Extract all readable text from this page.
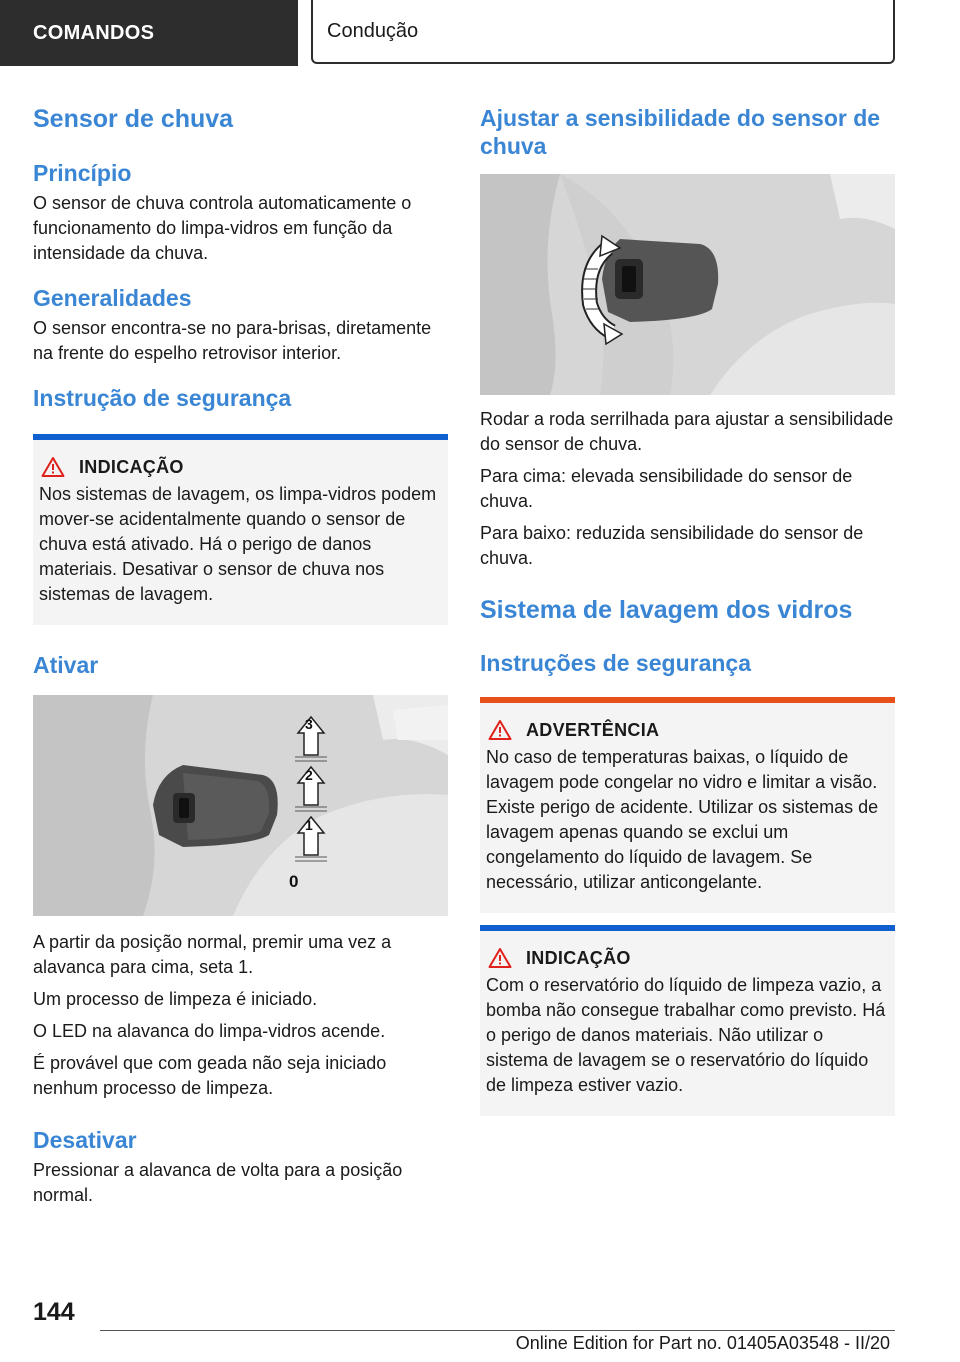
COMANDOS	Condução
Sensor de chuva
Princípio

O sensor de chuva controla automaticamente o funcionamento do limpa-vidros em função da intensidade da chuva.

Generalidades

O sensor encontra-se no para-brisas, diretamente na frente do espelho retrovisor interior.

Instrução de segurança
INDICAÇÃO

Nos sistemas de lavagem, os limpa-vidros podem mover-se acidentalmente quando o sensor de chuva está ativado. Há o perigo de danos materiais. Desativar o sensor de chuva nos sistemas de lavagem.

Ativar
3
2
1
0

A partir da posição normal, premir uma vez a alavanca para cima, seta 1.

Um processo de limpeza é iniciado.

O LED na alavanca do limpa-vidros acende.

É provável que com geada não seja iniciado nenhum processo de limpeza.

Desativar

Pressionar a alavanca de volta para a posição normal.

Ajustar a sensibilidade do sensor de chuva

Rodar a roda serrilhada para ajustar a sensibilidade do sensor de chuva.

Para cima: elevada sensibilidade do sensor de chuva.

Para baixo: reduzida sensibilidade do sensor de chuva.

Sistema de lavagem dos vidros
Instruções de segurança
ADVERTÊNCIA

No caso de temperaturas baixas, o líquido de lavagem pode congelar no vidro e limitar a visão. Existe perigo de acidente. Utilizar os sistemas de lavagem apenas quando se exclui um congelamento do líquido de lavagem. Se necessário, utilizar anticongelante.

INDICAÇÃO

Com o reservatório do líquido de limpeza vazio, a bomba não consegue trabalhar como previsto. Há o perigo de danos materiais. Não utilizar o sistema de lavagem se o reservatório do líquido de limpeza estiver vazio.

144
Online Edition for Part no. 01405A03548 - II/20
